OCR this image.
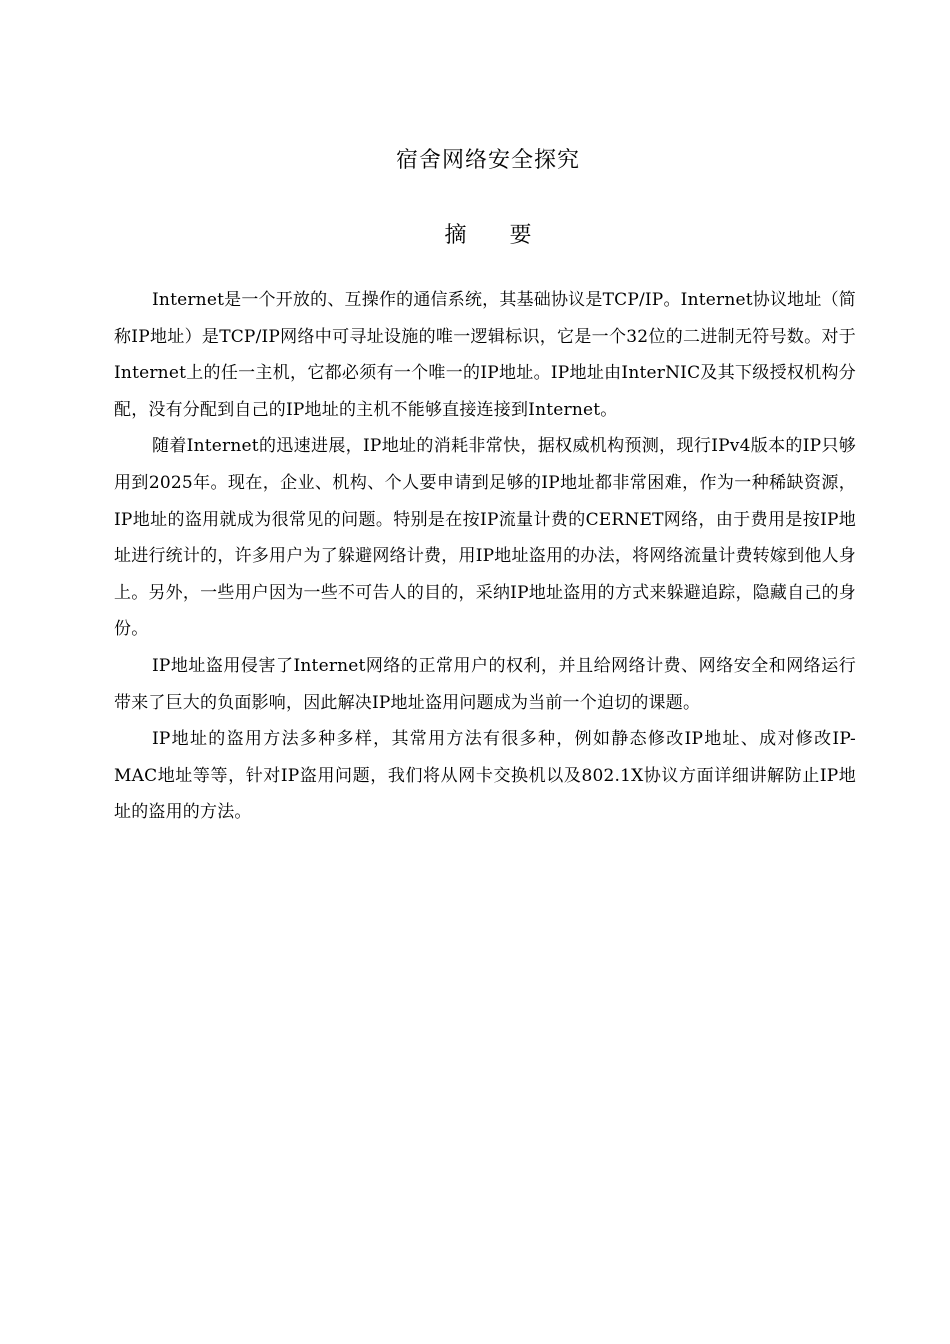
宿舍网络安全探究
摘 要

Internet是一个开放的、互操作的通信系统，其基础协议是TCP/IP。Internet协议地址（简称IP地址）是TCP/IP网络中可寻址设施的唯一逻辑标识，它是一个32位的二进制无符号数。对于Internet上的任一主机，它都必须有一个唯一的IP地址。IP地址由InterNIC及其下级授权机构分配，没有分配到自己的IP地址的主机不能够直接连接到Internet。

随着Internet的迅速进展，IP地址的消耗非常快，据权威机构预测，现行IPv4版本的IP只够用到2025年。现在，企业、机构、个人要申请到足够的IP地址都非常困难，作为一种稀缺资源，IP地址的盗用就成为很常见的问题。特别是在按IP流量计费的CERNET网络，由于费用是按IP地址进行统计的，许多用户为了躲避网络计费，用IP地址盗用的办法，将网络流量计费转嫁到他人身上。另外，一些用户因为一些不可告人的目的，采纳IP地址盗用的方式来躲避追踪，隐藏自己的身份。

IP地址盗用侵害了Internet网络的正常用户的权利，并且给网络计费、网络安全和网络运行带来了巨大的负面影响，因此解决IP地址盗用问题成为当前一个迫切的课题。

IP地址的盗用方法多种多样，其常用方法有很多种，例如静态修改IP地址、成对修改IP-MAC地址等等，针对IP盗用问题，我们将从网卡交换机以及802.1X协议方面详细讲解防止IP地址的盗用的方法。
